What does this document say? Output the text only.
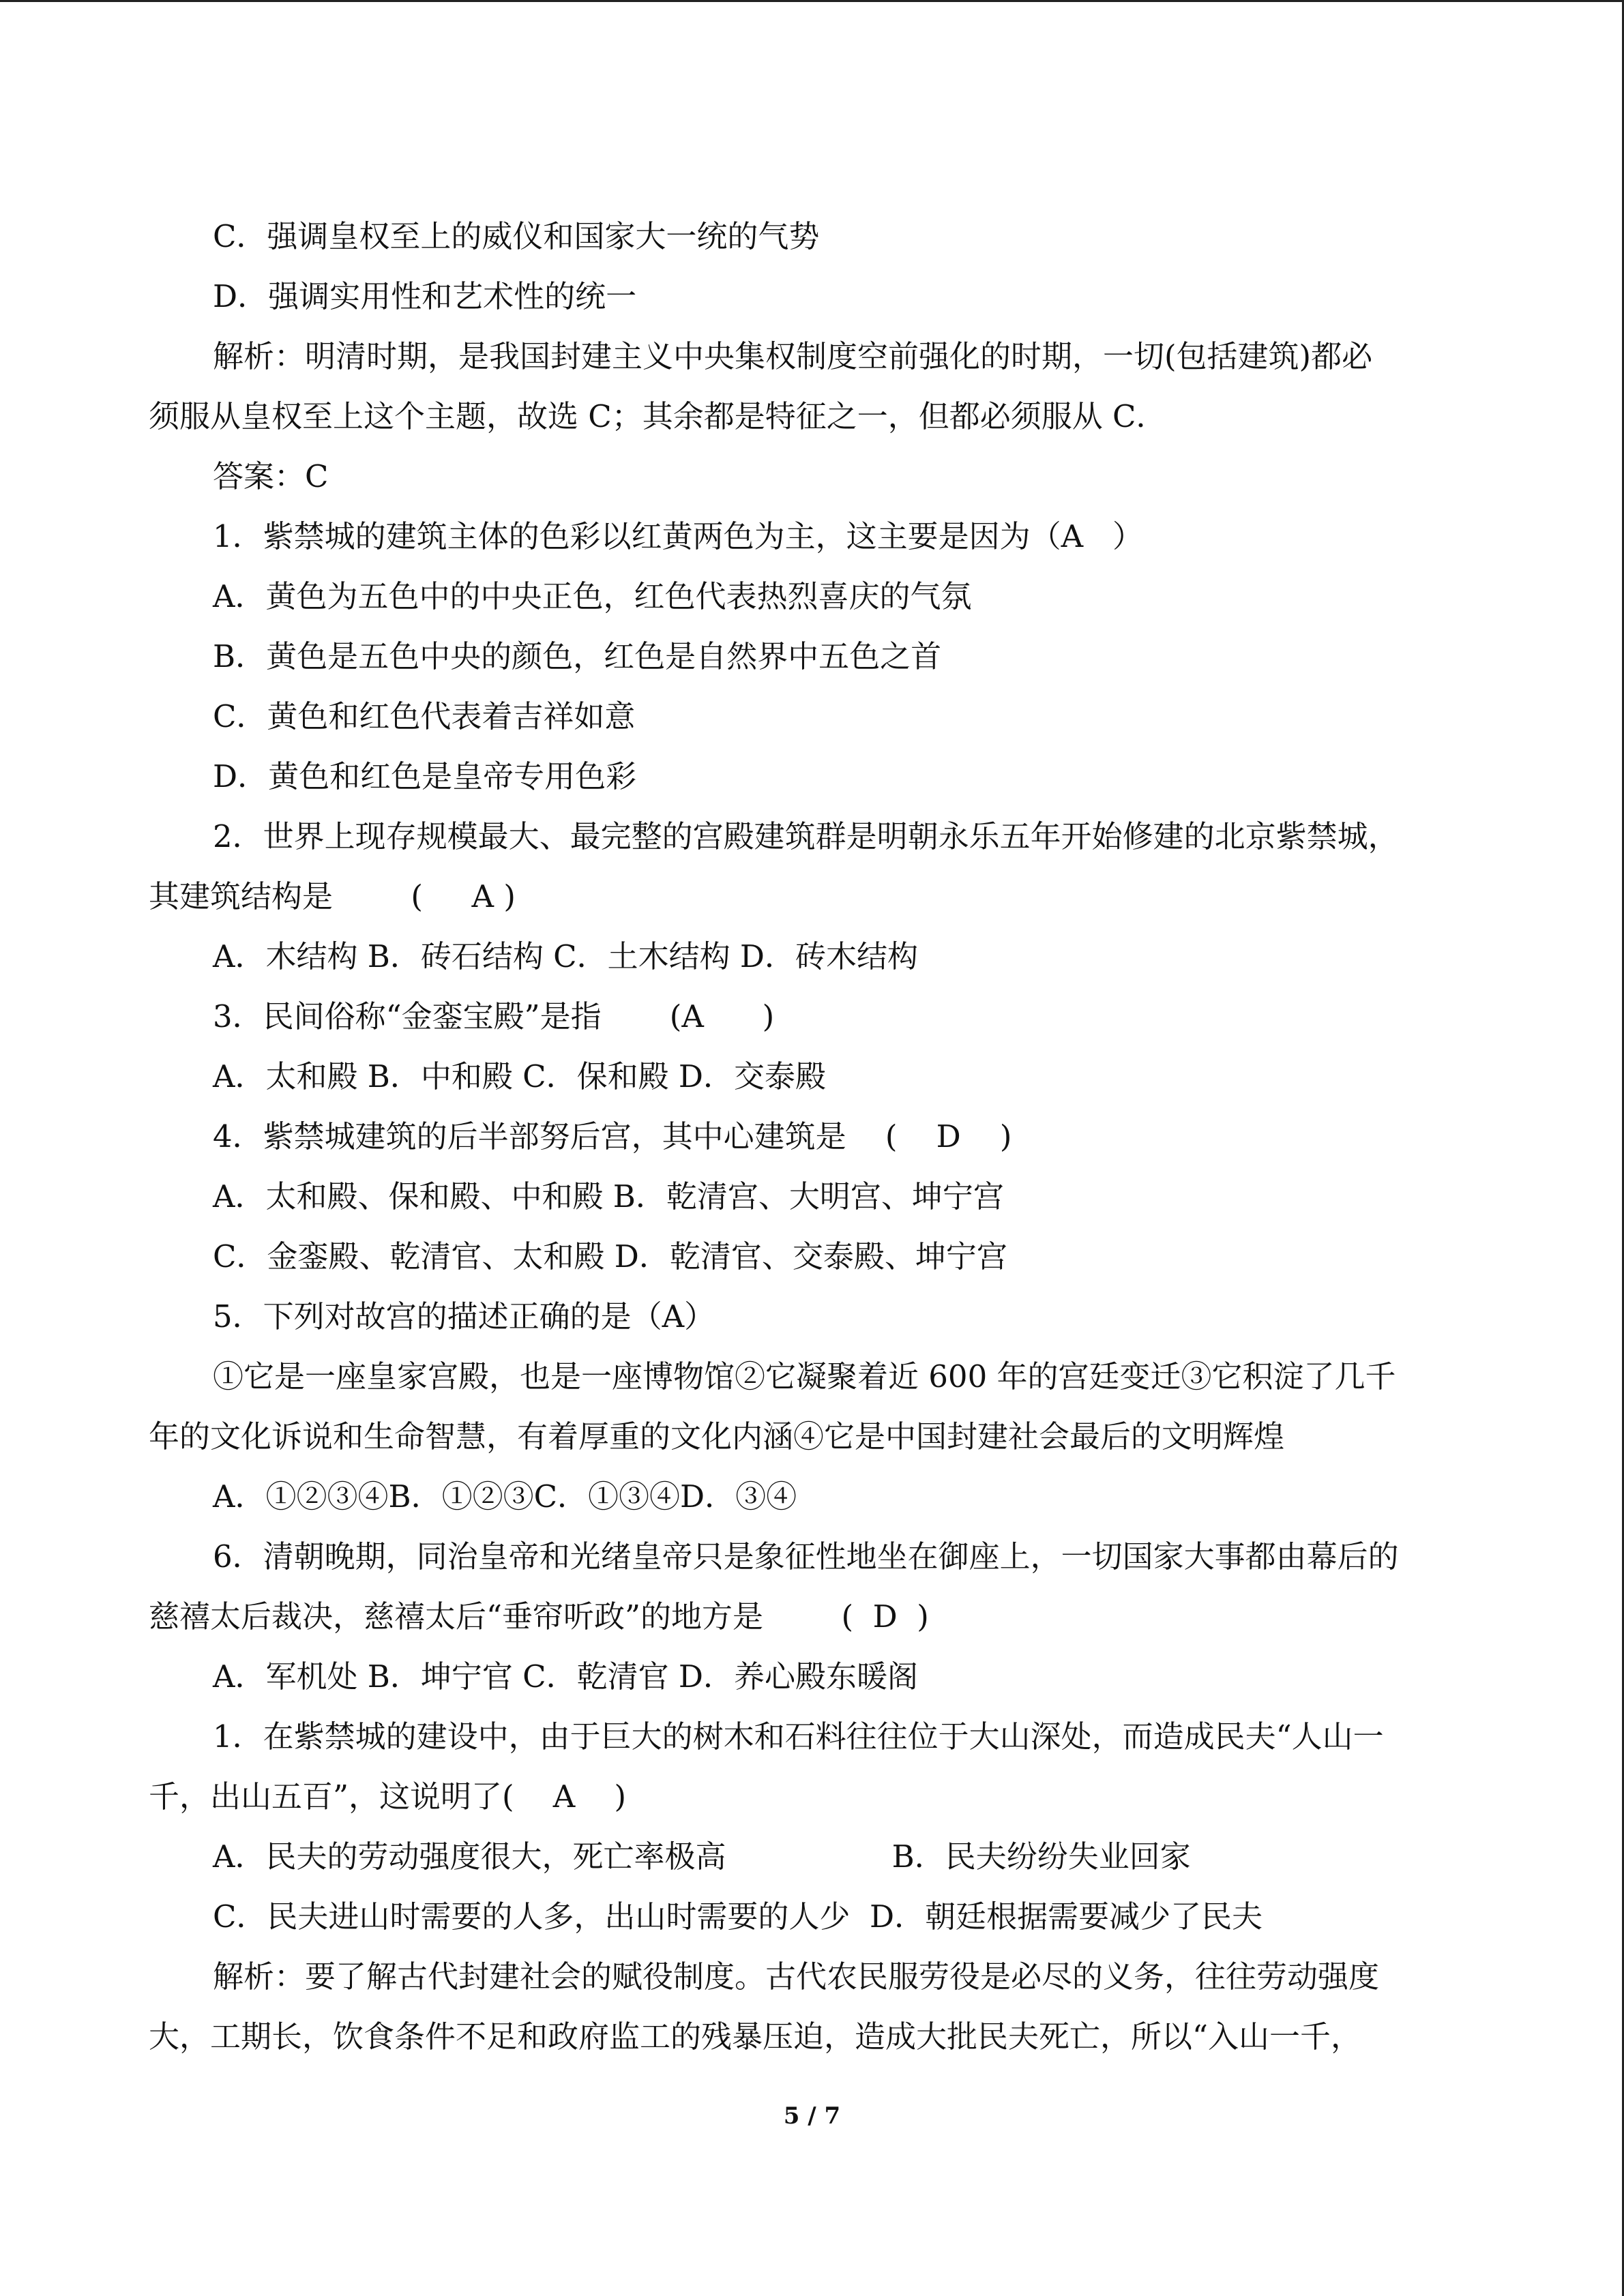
C．强调皇权至上的威仪和国家大一统的气势

D．强调实用性和艺术性的统一

解析：明清时期，是我国封建主义中央集权制度空前强化的时期，一切(包括建筑)都必

须服从皇权至上这个主题，故选 C；其余都是特征之一，但都必须服从 C．

答案：C

1．紫禁城的建筑主体的色彩以红黄两色为主，这主要是因为（A   ）

A．黄色为五色中的中央正色，红色代表热烈喜庆的气氛

B．黄色是五色中央的颜色，红色是自然界中五色之首

C．黄色和红色代表着吉祥如意

D．黄色和红色是皇帝专用色彩

2．世界上现存规模最大、最完整的宫殿建筑群是明朝永乐五年开始修建的北京紫禁城，

其建筑结构是        (     A )

A．木结构 B．砖石结构 C．土木结构 D．砖木结构

3．民间俗称“金銮宝殿”是指       (A      )

A．太和殿 B．中和殿 C．保和殿 D．交泰殿

4．紫禁城建筑的后半部努后宫，其中心建筑是    (    D    )

A．太和殿、保和殿、中和殿 B．乾清宫、大明宫、坤宁宫

C．金銮殿、乾清官、太和殿 D．乾清官、交泰殿、坤宁宫

5．下列对故宫的描述正确的是（A）

①它是一座皇家宫殿，也是一座博物馆②它凝聚着近 600 年的宫廷变迁③它积淀了几千

年的文化诉说和生命智慧，有着厚重的文化内涵④它是中国封建社会最后的文明辉煌

A．①②③④B．①②③C．①③④D．③④

6．清朝晚期，同治皇帝和光绪皇帝只是象征性地坐在御座上，一切国家大事都由幕后的

慈禧太后裁决，慈禧太后“垂帘听政”的地方是        (  D  )

A．军机处 B．坤宁官 C．乾清官 D．养心殿东暖阁

1．在紫禁城的建设中，由于巨大的树木和石料往往位于大山深处，而造成民夫“人山一

千，出山五百”，这说明了(    A    )

A．民夫的劳动强度很大，死亡率极高                 B．民夫纷纷失业回家

C．民夫进山时需要的人多，出山时需要的人少  D．朝廷根据需要减少了民夫

解析：要了解古代封建社会的赋役制度。古代农民服劳役是必尽的义务，往往劳动强度

大，工期长，饮食条件不足和政府监工的残暴压迫，造成大批民夫死亡，所以“入山一千，

5 / 7
